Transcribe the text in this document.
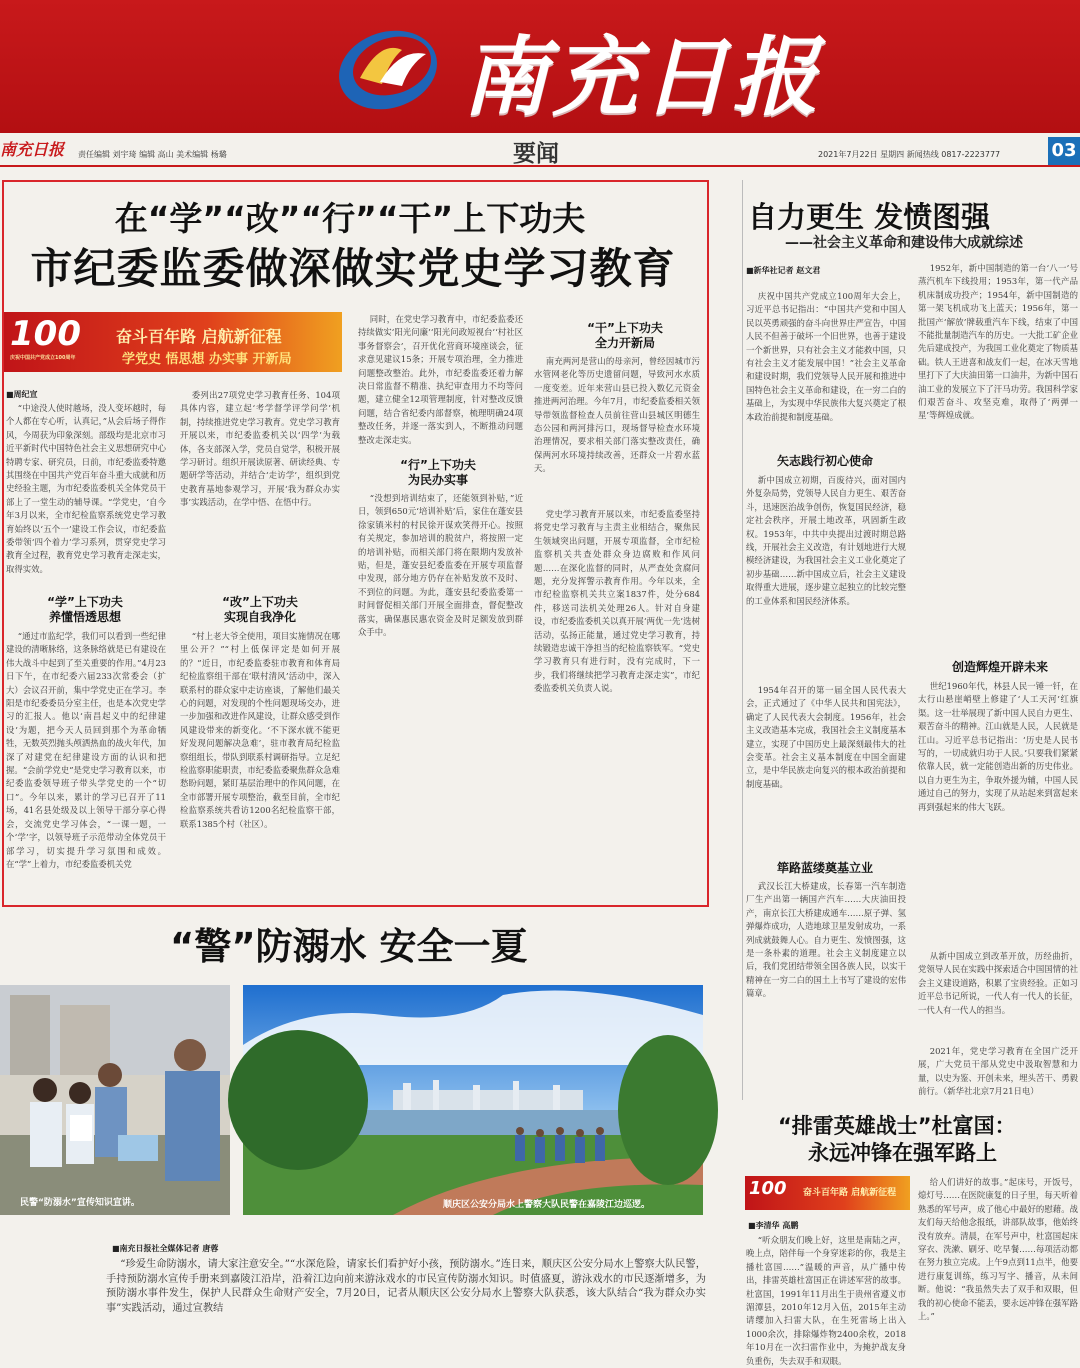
南充日报
南充日报 责任编辑 刘宇琦 编辑 高山 美术编辑 杨璐	要闻	2021年7月22日 星期四 新闻热线 0817-2223777	03
在“学”“改”“行”“干”上下功夫
市纪委监委做深做实党史学习教育
100
庆祝中国共产党成立100周年
奋斗百年路 启航新征程
学党史 悟思想 办实事 开新局
■周纪宣

“中途没人使时越场，没人变坏越时，每个人都在专心听，认真记，”从会后场子得作风，今周获为印象深刻。部级均是北京市习近平新时代中国特色社会主义思想研究中心特聘专家、研究员，日前，市纪委监委特邀其围绕在中国共产党百年奋斗重大成就和历史经验主题，为市纪委监委机关全体党员干部上了一堂生动的辅导课。“学党史，‘自今年3月以来，全市纪检监察系统党史学习教育始终以‘五个一’建设工作会议，市纪委监委带领‘四个着力’学习系列，贯穿党史学习教育全过程，教育党史学习教育走深走实，取得实效。

“学”上下功夫
养懂悟透思想

“通过市监纪学，我们可以看到一些纪律建设的清晰脉络，这条脉络就是已有建设在伟大战斗中起到了至关重要的作用。”4月23日下午，在市纪委六届233次常委会（扩大）会议召开前，集中学党史正在学习。李阳是市纪委委员分室主任，也是本次党史学习的汇报人。他以‘南昌起义中的纪律建设’为题，把今天人员回到那个为革命牺牲，无数英烈抛头颅洒热血的战火年代，加深了对建党在纪律建设方面的认识和把握。“会前学党史”是党史学习教育以来，市纪委监委领导班子带头学党史的一个“切口”。今年以来，累计的学习已召开了11场，41名县处级及以上领导干部分享心得会，交流党史学习体会，“一课一题，一个‘学’字，以领导班子示范带动全体党员干部学习，切实提升学习氛围和成效。在“学”上着力，市纪委监委机关党

委列出27项党史学习教育任务、104项具体内容，建立起‘考学督学评学问学’机制，持续推进党史学习教育。党史学习教育开展以来，市纪委监委机关以‘四学’为载体，各支部深入学，党员自觉学，积极开展学习研讨。组织开展读原著、研读经典、专题研学等活动，并结合‘走访学’，组织到党史教育基地参观学习，开展‘我为群众办实事’实践活动，在学中悟、在悟中行。

“改”上下功夫
实现自我净化

“村上老大爷全使用，项目实施情况在哪里公开？”“村上低保评定是如何开展的？”近日，市纪委监委驻市教育和体育局纪检监察组干部在‘联村清风’活动中，深入联系村的群众家中走访座谈，了解他们最关心的问题，对发现的个性问题现场交办，进一步加强和改进作风建设，让群众感受到作风建设带来的新变化。‘不下深水就不能更好发现问题解决急难’，驻市教育局纪检监察组组长，带队到联系村调研指导。立足纪检监察职能职责，市纪委监委聚焦群众急难愁盼问题，紧盯基层治理中的作风问题，在全市部署开展专项整治，截至目前，全市纪检监察系统共看访1200名纪检监察干部，联系1385个村（社区）。

同时，在党史学习教育中，市纪委监委还持续做实‘阳光问廉’‘阳光问政短视台’‘村社区事务督察会’，召开优化营商环境座谈会，征求意见建议15条；开展专项治理，全力推进问题整改整治。此外，市纪委监委还着力解决日常监督不精准、执纪审查用力不均等问题，建立健全12项管理制度，针对整改反馈问题，结合省纪委内部督察，梳理明确24项整改任务，并逐一落实到人，不断推动问题整改走深走实。

“行”上下功夫
为民办实事

“没想到培训结束了，还能领到补贴，”近日，领到650元‘培训补贴’后，家住在蓬安县徐家镇米村的村民徐开谋欢笑得开心。按照有关规定，参加培训的脱贫户，将按照一定的培训补贴，而相关部门将在限期内发放补贴，但是，蓬安县纪委监委在开展专项监督中发现，部分地方仍存在补贴发放不及时、不到位的问题。为此，蓬安县纪委监委第一时间督促相关部门开展全面排查，督促整改落实，确保惠民惠农资金及时足额发放到群众手中。

“干”上下功夫
全力开新局

南充两河是营山的母亲河，曾经因城市污水管网老化等历史遗留问题，导致河水水质一度变差。近年来营山县已投入数亿元资金推进两河治理。今年7月，市纪委监委相关领导带领监督检查人员前往营山县城区明德生态公园和两河排污口，现场督导检查水环境治理情况，要求相关部门落实整改责任，确保两河水环境持续改善，还群众一片碧水蓝天。

党史学习教育开展以来，市纪委监委坚持将党史学习教育与主责主业相结合，聚焦民生领域突出问题，开展专项监督，全市纪检监察机关共查处群众身边腐败和作风问题……在深化监督的同时，从严查处贪腐问题，充分发挥警示教育作用。今年以来，全市纪检监察机关共立案1837件，处分684件，移送司法机关处理26人。针对自身建设，市纪委监委机关以真开展‘两优一先’选树活动，弘扬正能量，通过党史学习教育，持续锻造忠诚干净担当的纪检监察铁军。“党史学习教育只有进行时，没有完成时，下一步，我们将继续把学习教育走深走实”，市纪委监委机关负责人说。

自力更生 发愤图强
——社会主义革命和建设伟大成就综述
■新华社记者 赵文君

庆祝中国共产党成立100周年大会上，习近平总书记指出：“中国共产党和中国人民以英勇顽强的奋斗向世界庄严宣告，中国人民不但善于破坏一个旧世界，也善于建设一个新世界，只有社会主义才能救中国，只有社会主义才能发展中国！”社会主义革命和建设时期，我们党领导人民开展和推进中国特色社会主义革命和建设，在一穷二白的基础上，为实现中华民族伟大复兴奠定了根本政治前提和制度基础。

矢志践行初心使命

新中国成立初期，百废待兴，面对国内外复杂局势，党领导人民自力更生、艰苦奋斗，迅速医治战争创伤，恢复国民经济，稳定社会秩序，开展土地改革，巩固新生政权。1953年，中共中央提出过渡时期总路线，开展社会主义改造，有计划地进行大规模经济建设，为我国社会主义工业化奠定了初步基础……新中国成立后，社会主义建设取得重大进展，逐步建立起独立的比较完整的工业体系和国民经济体系。

1954年召开的第一届全国人民代表大会，正式通过了《中华人民共和国宪法》，确定了人民代表大会制度。1956年，社会主义改造基本完成，我国社会主义制度基本建立，实现了中国历史上最深刻最伟大的社会变革。社会主义基本制度在中国全面建立，是中华民族走向复兴的根本政治前提和制度基础。

筚路蓝缕奠基立业

武汉长江大桥建成，长春第一汽车制造厂生产出第一辆国产汽车……大庆油田投产，南京长江大桥建成通车……原子弹、氢弹爆炸成功，人造地球卫星发射成功，一系列成就鼓舞人心。自力更生、发愤图强，这是一条朴素的道理。社会主义制度建立以后，我们党团结带领全国各族人民，以实干精神在一穷二白的国土上书写了建设的宏伟篇章。

1952年，新中国制造的第一台‘八一’号蒸汽机车下线投用；1953年，第一代产品机床制成功投产；1954年，新中国制造的第一架飞机成功飞上蓝天；1956年，第一批国产‘解放’牌载重汽车下线，结束了中国不能批量制造汽车的历史。一大批工矿企业先后建成投产，为我国工业化奠定了物质基础。铁人王进喜和战友们一起，在冰天雪地里打下了大庆油田第一口油井，为新中国石油工业的发展立下了汗马功劳。我国科学家们艰苦奋斗、攻坚克难，取得了‘两弹一星’等辉煌成就。

创造辉煌开辟未来

世纪1960年代，林县人民一锤一钎，在太行山悬崖峭壁上修建了‘人工天河’红旗渠。这一壮举展现了新中国人民自力更生、艰苦奋斗的精神。江山就是人民，人民就是江山。习近平总书记指出：‘历史是人民书写的，一切成就归功于人民。’只要我们紧紧依靠人民，就一定能创造出新的历史伟业。以自力更生为主，争取外援为辅，中国人民通过自己的努力，实现了从站起来到富起来再到强起来的伟大飞跃。

从新中国成立到改革开放，历经曲折，党领导人民在实践中探索适合中国国情的社会主义建设道路，积累了宝贵经验。正如习近平总书记所说，一代人有一代人的长征，一代人有一代人的担当。

2021年，党史学习教育在全国广泛开展，广大党员干部从党史中汲取智慧和力量，以史为鉴、开创未来，埋头苦干、勇毅前行。（新华社北京7月21日电）

“警”防溺水 安全一夏
民警“防溺水”宣传知识宣讲。	顺庆区公安分局水上警察大队民警在嘉陵江边巡逻。
■南充日报社全媒体记者 唐蓉

“珍爱生命防溺水，请大家注意安全。”“水深危险，请家长们看护好小孩，预防溺水。”连日来，顺庆区公安分局水上警察大队民警，手持预防溺水宣传手册来到嘉陵江沿岸，沿着江边向前来游泳戏水的市民宣传防溺水知识。时值盛夏，游泳戏水的市民逐渐增多，为预防溺水事件发生，保护人民群众生命财产安全，7月20日，记者从顺庆区公安分局水上警察大队获悉，该大队结合“我为群众办实事”实践活动，通过宣教结

“排雷英雄战士”杜富国：
永远冲锋在强军路上
100 奋斗百年路 启航新征程
■李清华 高鹏

“听众朋友们晚上好，这里是南陆之声，晚上点，陪伴每一个身穿迷彩的你，我是主播杜富国……”温暖的声音，从广播中传出，排雷英雄杜富国正在讲述军营的故事。杜富国，1991年11月出生于贵州省遵义市湄潭县，2010年12月入伍，2015年主动请缨加入扫雷大队，在生死雷场上出入1000余次，排除爆炸物2400余枚，2018年10月在一次扫雷作业中，为掩护战友身负重伤，失去双手和双眼。

给人们讲好的故事。”起床号，开饭号，熄灯号……在医院康复的日子里，每天听着熟悉的军号声，成了他心中最好的慰藉。战友们每天给他念报纸，讲部队故事，他始终没有放弃。清晨，在军号声中，杜富国起床穿衣、洗漱、刷牙、吃早餐……每项活动都在努力独立完成。上午9点到11点半，他要进行康复训练，练习写字、播音，从未间断。他说：“我虽然失去了双手和双眼，但我的初心使命不能丢，要永远冲锋在强军路上。”
